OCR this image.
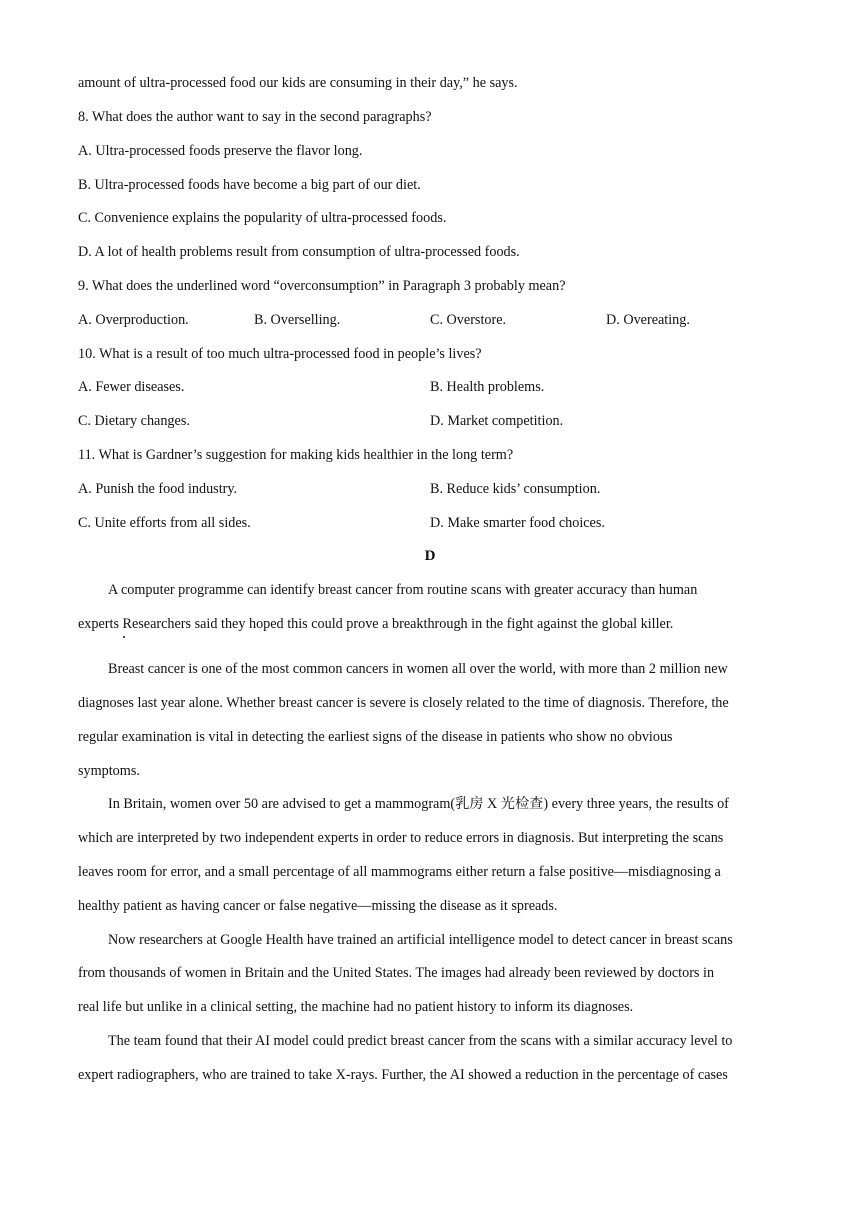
amount of ultra-processed food our kids are consuming in their day,” he says.
8. What does the author want to say in the second paragraphs?
A. Ultra-processed foods preserve the flavor long.
B. Ultra-processed foods have become a big part of our diet.
C. Convenience explains the popularity of ultra-processed foods.
D. A lot of health problems result from consumption of ultra-processed foods.
9. What does the underlined word “overconsumption” in Paragraph 3 probably mean?
A. Overproduction.	B. Overselling.	C. Overstore.	D. Overeating.
10. What is a result of too much ultra-processed food in people’s lives?
A. Fewer diseases.	B. Health problems.
C. Dietary changes.	D. Market competition.
11. What is Gardner’s suggestion for making kids healthier in the long term?
A. Punish the food industry.	B. Reduce kids’ consumption.
C. Unite efforts from all sides.	D. Make smarter food choices.
D
A computer programme can identify breast cancer from routine scans with greater accuracy than human
experts Researchers said they hoped this could prove a breakthrough in the fight against the global killer.
Breast cancer is one of the most common cancers in women all over the world, with more than 2 million new
diagnoses last year alone. Whether breast cancer is severe is closely related to the time of diagnosis. Therefore, the
regular examination is vital in detecting the earliest signs of the disease in patients who show no obvious
symptoms.
In Britain, women over 50 are advised to get a mammogram(乳房 X 光检查) every three years, the results of
which are interpreted by two independent experts in order to reduce errors in diagnosis. But interpreting the scans
leaves room for error, and a small percentage of all mammograms either return a false positive—misdiagnosing a
healthy patient as having cancer or false negative—missing the disease as it spreads.
Now researchers at Google Health have trained an artificial intelligence model to detect cancer in breast scans
from thousands of women in Britain and the United States. The images had already been reviewed by doctors in
real life but unlike in a clinical setting, the machine had no patient history to inform its diagnoses.
The team found that their AI model could predict breast cancer from the scans with a similar accuracy level to
expert radiographers, who are trained to take X-rays. Further, the AI showed a reduction in the percentage of cases
